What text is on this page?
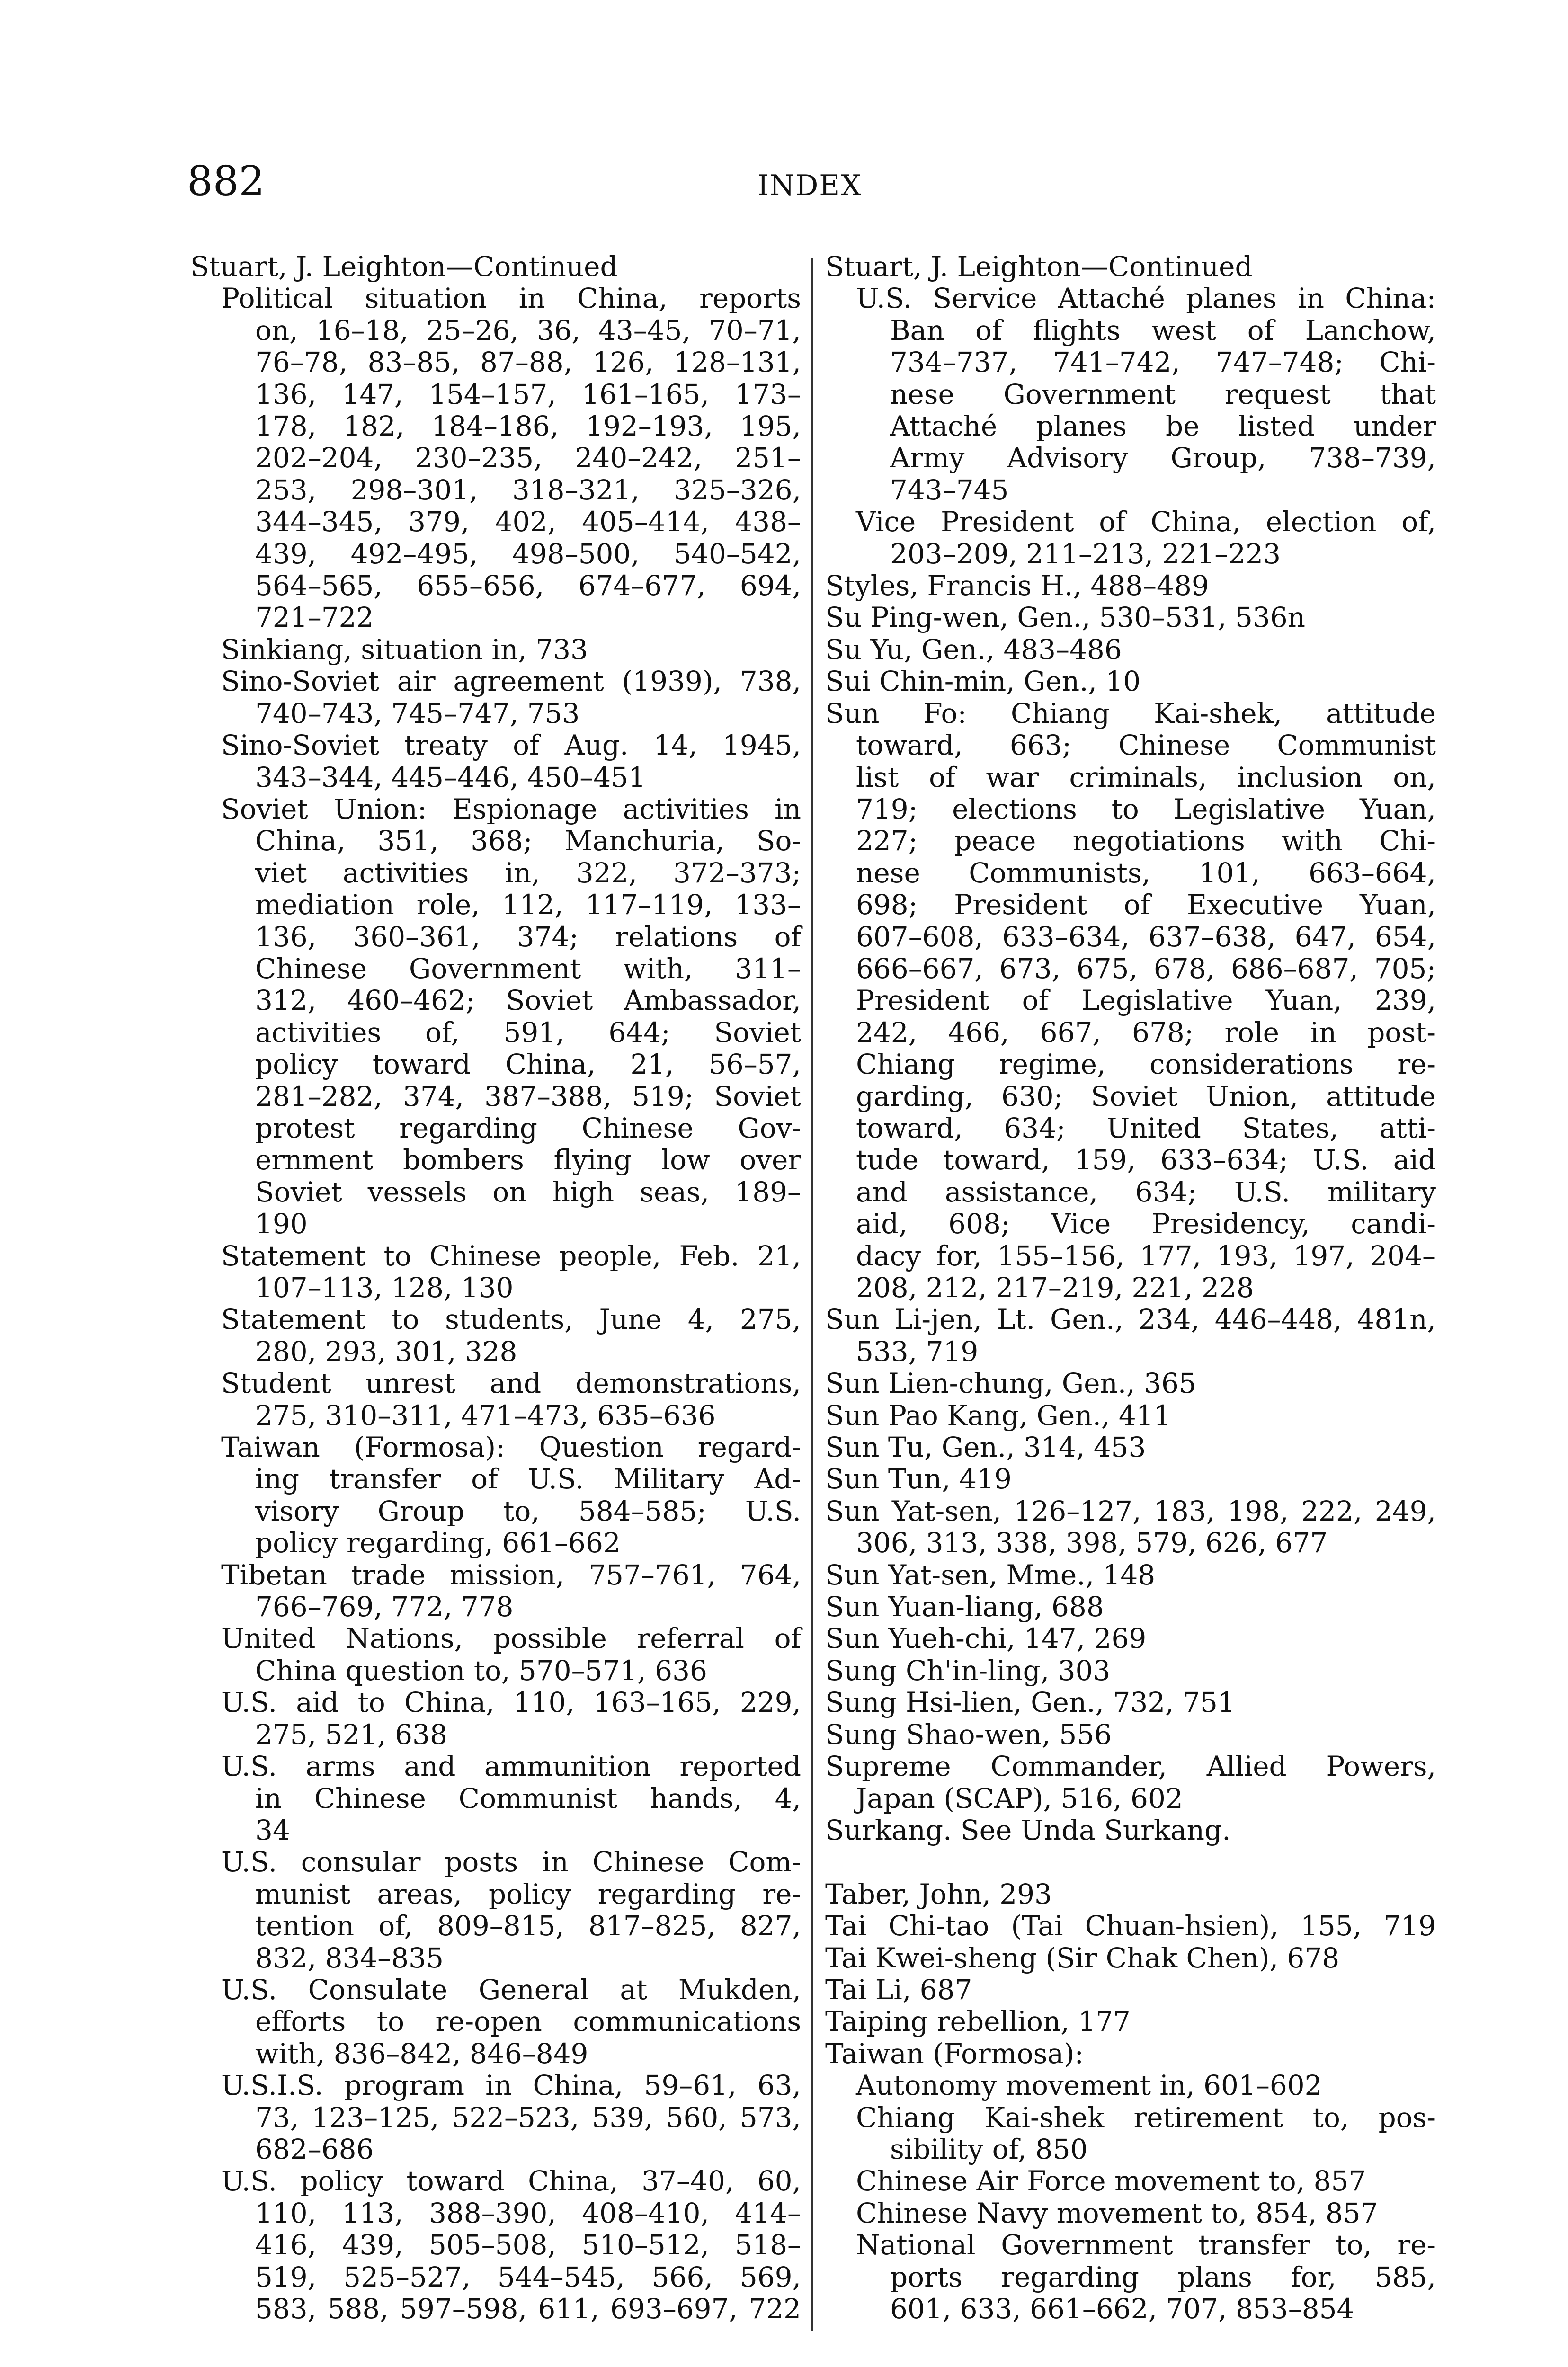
882	INDEX
Stuart, J. Leighton—Continued
Political situation in China, reports
on, 16–18, 25–26, 36, 43–45, 70–71,
76–78, 83–85, 87–88, 126, 128–131,
136, 147, 154–157, 161–165, 173–
178, 182, 184–186, 192–193, 195,
202–204, 230–235, 240–242, 251–
253, 298–301, 318–321, 325–326,
344–345, 379, 402, 405–414, 438–
439, 492–495, 498–500, 540–542,
564–565, 655–656, 674–677, 694,
721–722
Sinkiang, situation in, 733
Sino-Soviet air agreement (1939), 738,
740–743, 745–747, 753
Sino-Soviet treaty of Aug. 14, 1945,
343–344, 445–446, 450–451
Soviet Union: Espionage activities in
China, 351, 368; Manchuria, So-
viet activities in, 322, 372–373;
mediation role, 112, 117–119, 133–
136, 360–361, 374; relations of
Chinese Government with, 311–
312, 460–462; Soviet Ambassador,
activities of, 591, 644; Soviet
policy toward China, 21, 56–57,
281–282, 374, 387–388, 519; Soviet
protest regarding Chinese Gov-
ernment bombers flying low over
Soviet vessels on high seas, 189–
190
Statement to Chinese people, Feb. 21,
107–113, 128, 130
Statement to students, June 4, 275,
280, 293, 301, 328
Student unrest and demonstrations,
275, 310–311, 471–473, 635–636
Taiwan (Formosa): Question regard-
ing transfer of U.S. Military Ad-
visory Group to, 584–585; U.S.
policy regarding, 661–662
Tibetan trade mission, 757–761, 764,
766–769, 772, 778
United Nations, possible referral of
China question to, 570–571, 636
U.S. aid to China, 110, 163–165, 229,
275, 521, 638
U.S. arms and ammunition reported
in Chinese Communist hands, 4,
34
U.S. consular posts in Chinese Com-
munist areas, policy regarding re-
tention of, 809–815, 817–825, 827,
832, 834–835
U.S. Consulate General at Mukden,
efforts to re-open communications
with, 836–842, 846–849
U.S.I.S. program in China, 59–61, 63,
73, 123–125, 522–523, 539, 560, 573,
682–686
U.S. policy toward China, 37–40, 60,
110, 113, 388–390, 408–410, 414–
416, 439, 505–508, 510–512, 518–
519, 525–527, 544–545, 566, 569,
583, 588, 597–598, 611, 693–697, 722
Stuart, J. Leighton—Continued
U.S. Service Attaché planes in China:
Ban of flights west of Lanchow,
734–737, 741–742, 747–748; Chi-
nese Government request that
Attaché planes be listed under
Army Advisory Group, 738–739,
743–745
Vice President of China, election of,
203–209, 211–213, 221–223
Styles, Francis H., 488–489
Su Ping-wen, Gen., 530–531, 536n
Su Yu, Gen., 483–486
Sui Chin-min, Gen., 10
Sun Fo: Chiang Kai-shek, attitude
toward, 663; Chinese Communist
list of war criminals, inclusion on,
719; elections to Legislative Yuan,
227; peace negotiations with Chi-
nese Communists, 101, 663–664,
698; President of Executive Yuan,
607–608, 633–634, 637–638, 647, 654,
666–667, 673, 675, 678, 686–687, 705;
President of Legislative Yuan, 239,
242, 466, 667, 678; role in post-
Chiang regime, considerations re-
garding, 630; Soviet Union, attitude
toward, 634; United States, atti-
tude toward, 159, 633–634; U.S. aid
and assistance, 634; U.S. military
aid, 608; Vice Presidency, candi-
dacy for, 155–156, 177, 193, 197, 204–
208, 212, 217–219, 221, 228
Sun Li-jen, Lt. Gen., 234, 446–448, 481n,
533, 719
Sun Lien-chung, Gen., 365
Sun Pao Kang, Gen., 411
Sun Tu, Gen., 314, 453
Sun Tun, 419
Sun Yat-sen, 126–127, 183, 198, 222, 249,
306, 313, 338, 398, 579, 626, 677
Sun Yat-sen, Mme., 148
Sun Yuan-liang, 688
Sun Yueh-chi, 147, 269
Sung Ch'in-ling, 303
Sung Hsi-lien, Gen., 732, 751
Sung Shao-wen, 556
Supreme Commander, Allied Powers,
Japan (SCAP), 516, 602
Surkang. See Unda Surkang.
Taber, John, 293
Tai Chi-tao (Tai Chuan-hsien), 155, 719
Tai Kwei-sheng (Sir Chak Chen), 678
Tai Li, 687
Taiping rebellion, 177
Taiwan (Formosa):
Autonomy movement in, 601–602
Chiang Kai-shek retirement to, pos-
sibility of, 850
Chinese Air Force movement to, 857
Chinese Navy movement to, 854, 857
National Government transfer to, re-
ports regarding plans for, 585,
601, 633, 661–662, 707, 853–854
